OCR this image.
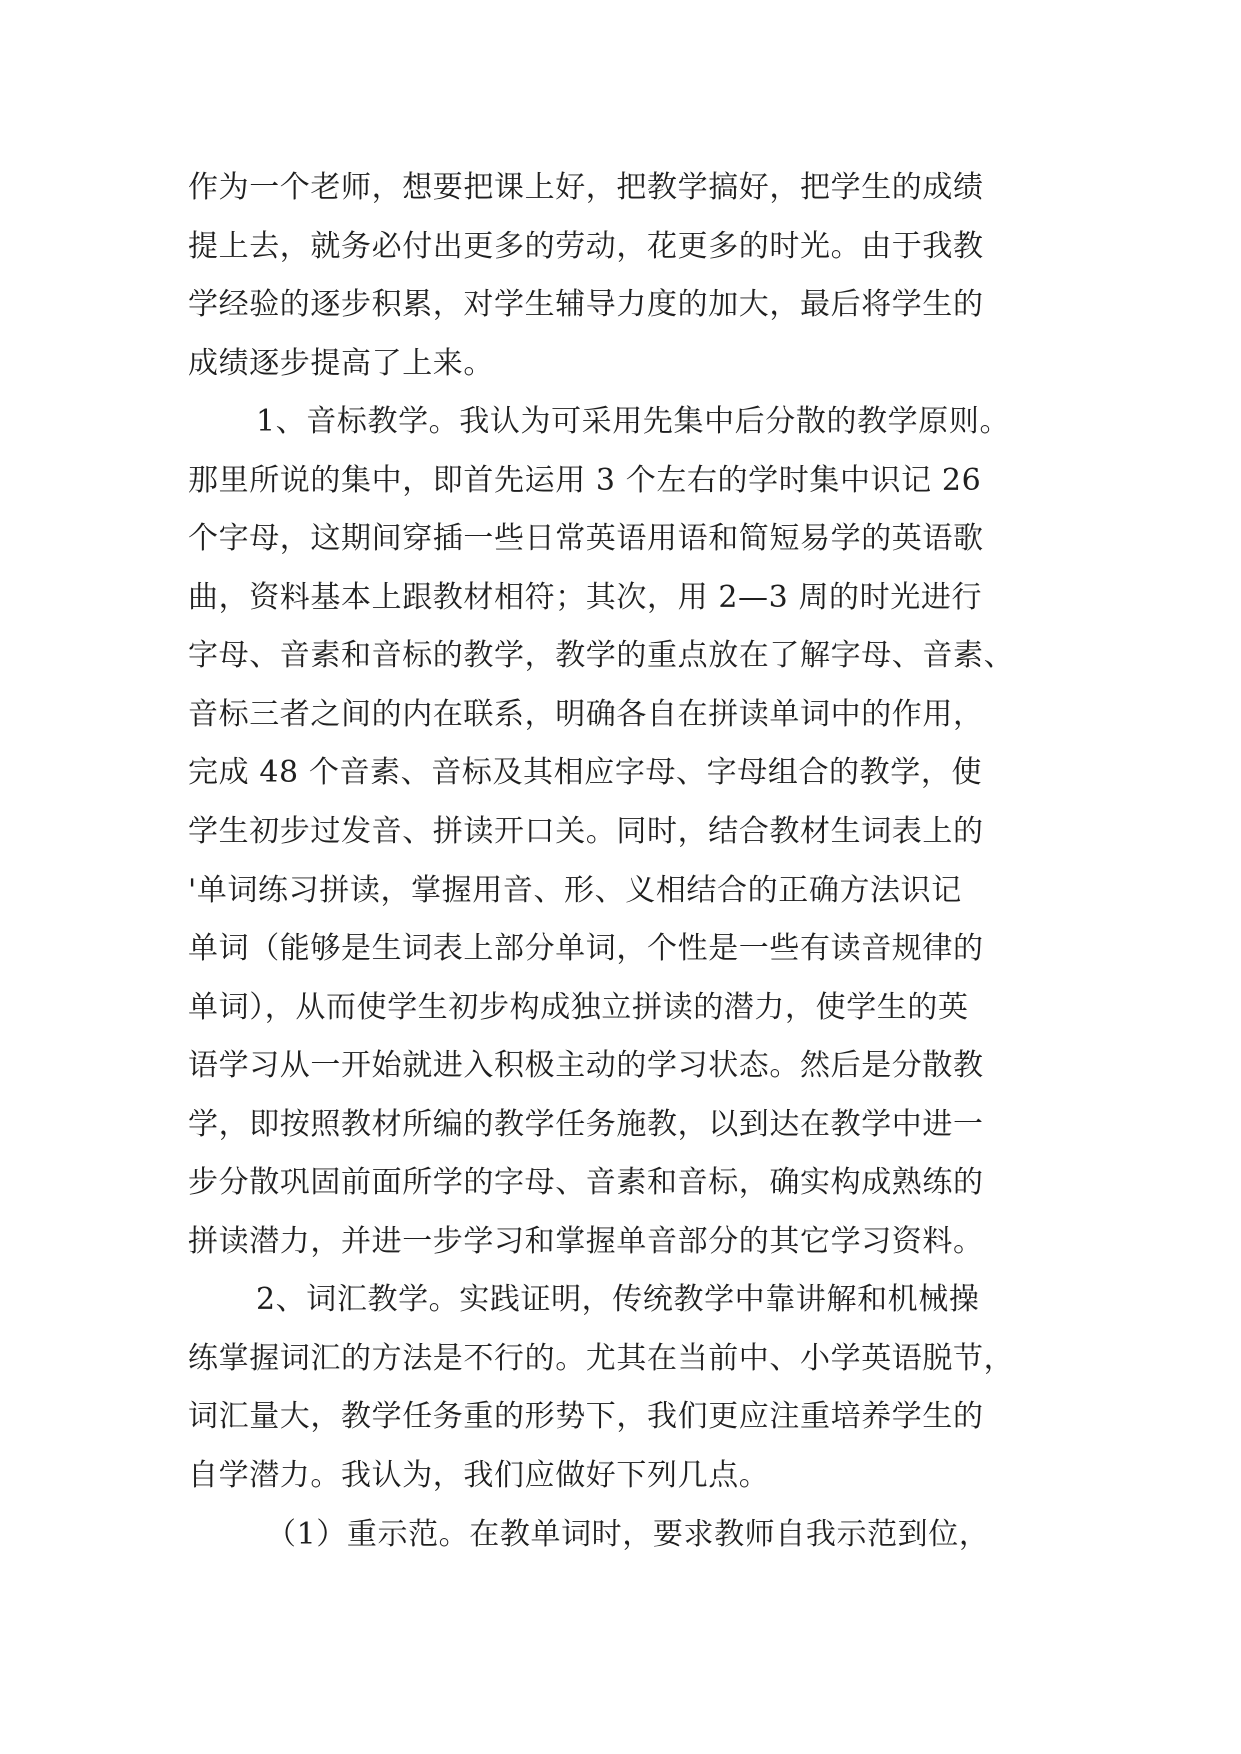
作为一个老师，想要把课上好，把教学搞好，把学生的成绩
提上去，就务必付出更多的劳动，花更多的时光。由于我教
学经验的逐步积累，对学生辅导力度的加大，最后将学生的
成绩逐步提高了上来。
1、音标教学。我认为可采用先集中后分散的教学原则。
那里所说的集中，即首先运用 3 个左右的学时集中识记 26
个字母，这期间穿插一些日常英语用语和简短易学的英语歌
曲，资料基本上跟教材相符；其次，用 2—3 周的时光进行
字母、音素和音标的教学，教学的重点放在了解字母、音素、
音标三者之间的内在联系，明确各自在拼读单词中的作用，
完成 48 个音素、音标及其相应字母、字母组合的教学，使
学生初步过发音、拼读开口关。同时，结合教材生词表上的
'单词练习拼读，掌握用音、形、义相结合的正确方法识记
单词（能够是生词表上部分单词，个性是一些有读音规律的
单词），从而使学生初步构成独立拼读的潜力，使学生的英
语学习从一开始就进入积极主动的学习状态。然后是分散教
学，即按照教材所编的教学任务施教，以到达在教学中进一
步分散巩固前面所学的字母、音素和音标，确实构成熟练的
拼读潜力，并进一步学习和掌握单音部分的其它学习资料。
2、词汇教学。实践证明，传统教学中靠讲解和机械操
练掌握词汇的方法是不行的。尤其在当前中、小学英语脱节，
词汇量大，教学任务重的形势下，我们更应注重培养学生的
自学潜力。我认为，我们应做好下列几点。
（1）重示范。在教单词时，要求教师自我示范到位，
